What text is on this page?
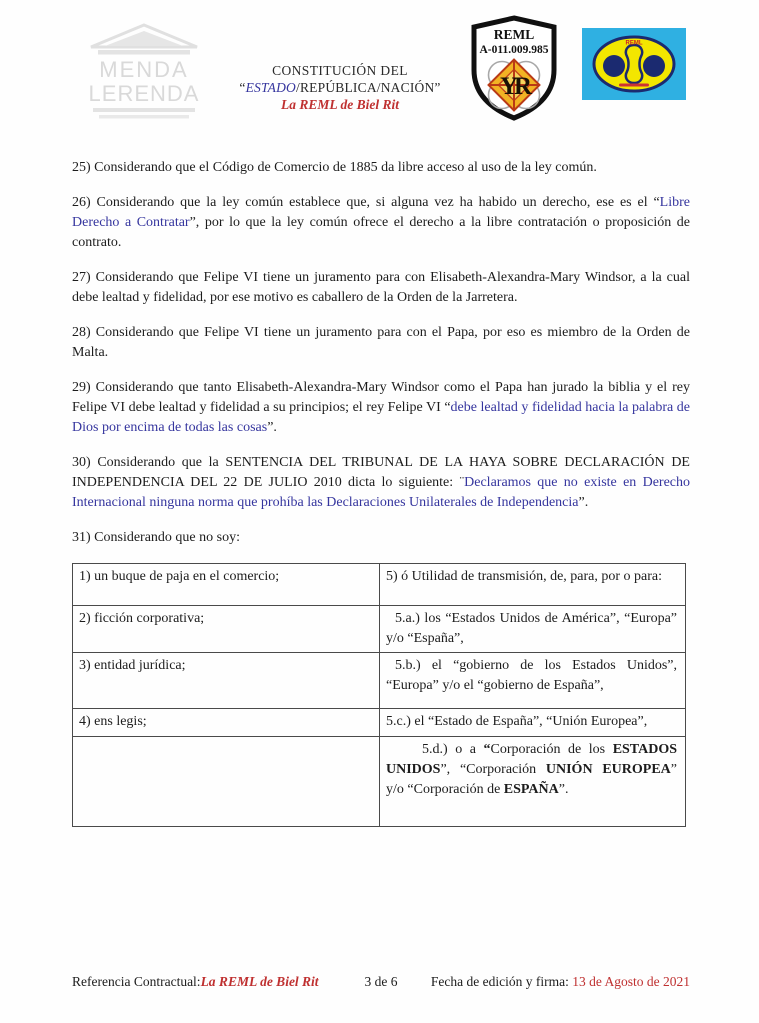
MENDA
LERENDA
CONSTITUCIÓN DEL
“ESTADO/REPÚBLICA/NACIÓN”
La REML de Biel Rit
REML
A-011.009.985
YR
REML

25) Considerando que el Código de Comercio de 1885 da libre acceso al uso de la ley común.

26) Considerando que la ley común establece que, si alguna vez ha habido un derecho, ese es el “Libre Derecho a Contratar”, por lo que la ley común ofrece el derecho a la libre contratación o proposición de contrato.

27) Considerando que Felipe VI tiene un juramento para con Elisabeth-Alexandra-Mary Windsor, a la cual debe lealtad y fidelidad, por ese motivo es caballero de la Orden de la Jarretera.

28) Considerando que Felipe VI tiene un juramento para con el Papa, por eso es miembro de la Orden de Malta.

29) Considerando que tanto Elisabeth-Alexandra-Mary Windsor como el Papa han jurado la biblia y el rey Felipe VI debe lealtad y fidelidad a su principios; el rey Felipe VI “debe lealtad y fidelidad hacia la palabra de Dios por encima de todas las cosas”.

30) Considerando que la SENTENCIA DEL TRIBUNAL DE LA HAYA SOBRE DECLARACIÓN DE INDEPENDENCIA DEL 22 DE JULIO 2010 dicta lo siguiente: ¨Declaramos que no existe en Derecho Internacional ninguna norma que prohíba las Declaraciones Unilaterales de Independencia”.

31) Considerando que no soy:

1) un buque de paja en el comercio;	5) ó Utilidad de transmisión, de, para, por o para:
2) ficción corporativa;	5.a.) los “Estados Unidos de América”, “Europa” y/o “España”,
3) entidad jurídica;	5.b.) el “gobierno de los Estados Unidos”, “Europa” y/o el “gobierno de España”,
4) ens legis;	5.c.) el “Estado de España”, “Unión Europea”,
	5.d.) o a “Corporación de los ESTADOS UNIDOS”, “Corporación UNIÓN EUROPEA” y/o “Corporación de ESPAÑA”.
Referencia Contractual:La REML de Biel Rit	3 de 6 Fecha de edición y firma: 13 de Agosto de 2021
